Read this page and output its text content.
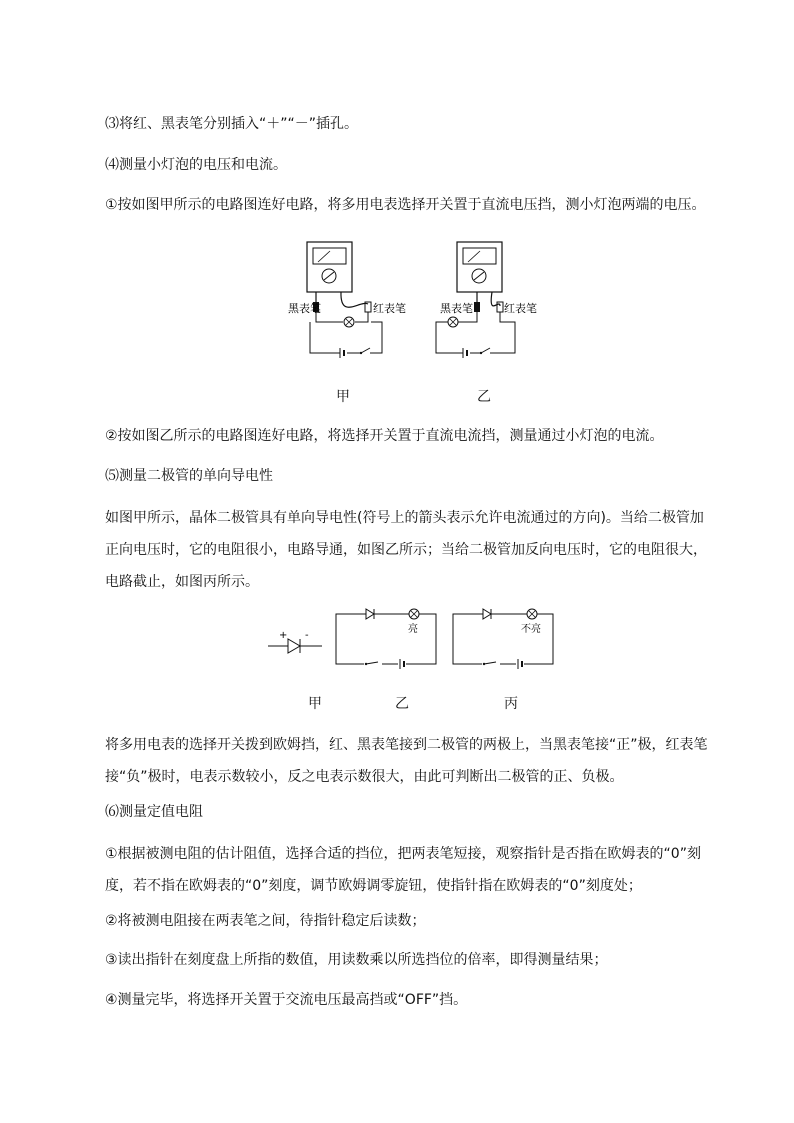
⑶将红、黑表笔分别插入“＋”“－”插孔。
⑷测量小灯泡的电压和电流。
①按如图甲所示的电路图连好电路，将多用电表选择开关置于直流电压挡，测小灯泡两端的电压。
黑表笔	红表笔	黑表笔	红表笔
甲	乙
②按如图乙所示的电路图连好电路，将选择开关置于直流电流挡，测量通过小灯泡的电流。
⑸测量二极管的单向导电性
如图甲所示，晶体二极管具有单向导电性(符号上的箭头表示允许电流通过的方向)。当给二极管加正向电压时，它的电阻很小，电路导通，如图乙所示；当给二极管加反向电压时，它的电阻很大，电路截止，如图丙所示。
+ -
亮	不亮
甲	乙	丙
将多用电表的选择开关拨到欧姆挡，红、黑表笔接到二极管的两极上，当黑表笔接“正”极，红表笔接“负”极时，电表示数较小，反之电表示数很大，由此可判断出二极管的正、负极。
⑹测量定值电阻
①根据被测电阻的估计阻值，选择合适的挡位，把两表笔短接，观察指针是否指在欧姆表的“0”刻度，若不指在欧姆表的“0”刻度，调节欧姆调零旋钮，使指针指在欧姆表的“0”刻度处；
②将被测电阻接在两表笔之间，待指针稳定后读数；
③读出指针在刻度盘上所指的数值，用读数乘以所选挡位的倍率，即得测量结果；
④测量完毕，将选择开关置于交流电压最高挡或“OFF”挡。
